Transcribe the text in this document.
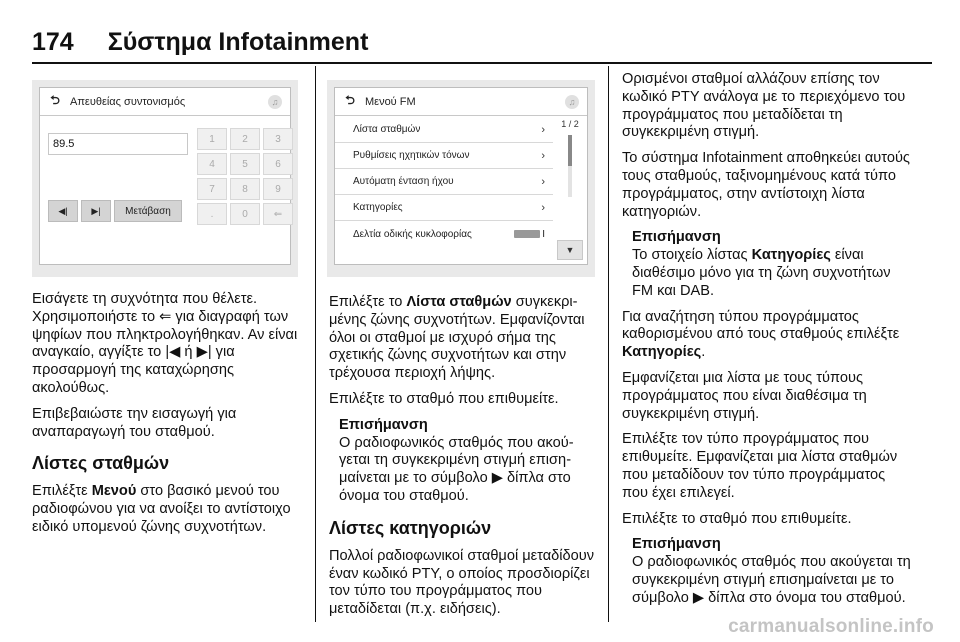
174 Σύστημα Infotainment
⮌ Απευθείας συντονισμός	♫
89.5	1	2	3
4	5	6
7	8	9
.	0	⇐
◀|	▶|	Μετάβαση
⮌ Μενού FM	♫
Λίστα σταθμών	›
Ρυθμίσεις ηχητικών τόνων	›
Αυτόματη ένταση ήχου	›
Κατηγορίες	›
Δελτία οδικής κυκλοφορίας	I
1 / 2
▼

Εισάγετε τη συχνότητα που θέλετε. Χρησιμοποιήστε το ⇐ για διαγραφή των ψηφίων που πληκτρολογήθηκαν. Αν είναι αναγκαίο, αγγίξτε το |◀ ή ▶| για προσαρμογή της καταχώρησης ακολούθως.

Επιβεβαιώστε την εισαγωγή για αναπαραγωγή του σταθμού.

Λίστες σταθμών

Επιλέξτε Μενού στο βασικό μενού του ραδιοφώνου για να ανοίξει το αντίστοιχο ειδικό υπομενού ζώνης συχνοτήτων.

Επιλέξτε το Λίστα σταθμών συγκεκριμένης ζώνης συχνοτήτων. Εμφανίζονται όλοι οι σταθμοί με ισχυρό σήμα της σχετικής ζώνης συχνοτήτων και στην τρέχουσα περιοχή λήψης.

Επιλέξτε το σταθμό που επιθυμείτε.

Επισήμανση

Ο ραδιοφωνικός σταθμός που ακούγεται τη συγκεκριμένη στιγμή επισημαίνεται με το σύμβολο ▶ δίπλα στο όνομα του σταθμού.

Λίστες κατηγοριών

Πολλοί ραδιοφωνικοί σταθμοί μεταδίδουν έναν κωδικό PTY, ο οποίος προσδιορίζει τον τύπο του προγράμματος που μεταδίδεται (π.χ. ειδήσεις).

Ορισμένοι σταθμοί αλλάζουν επίσης τον κωδικό PTY ανάλογα με το περιεχόμενο του προγράμματος που μεταδίδεται τη συγκεκριμένη στιγμή.

Το σύστημα Infotainment αποθηκεύει αυτούς τους σταθμούς, ταξινομημένους κατά τύπο προγράμματος, στην αντίστοιχη λίστα κατηγοριών.

Επισήμανση

Το στοιχείο λίστας Κατηγορίες είναι διαθέσιμο μόνο για τη ζώνη συχνοτήτων FM και DAB.

Για αναζήτηση τύπου προγράμματος καθορισμένου από τους σταθμούς επιλέξτε Κατηγορίες.

Εμφανίζεται μια λίστα με τους τύπους προγράμματος που είναι διαθέσιμα τη συγκεκριμένη στιγμή.

Επιλέξτε τον τύπο προγράμματος που επιθυμείτε. Εμφανίζεται μια λίστα σταθμών που μεταδίδουν τον τύπο προγράμματος που έχει επιλεγεί.

Επιλέξτε το σταθμό που επιθυμείτε.

Επισήμανση

Ο ραδιοφωνικός σταθμός που ακούγεται τη συγκεκριμένη στιγμή επισημαίνεται με το σύμβολο ▶ δίπλα στο όνομα του σταθμού.

carmanualsonline.info
